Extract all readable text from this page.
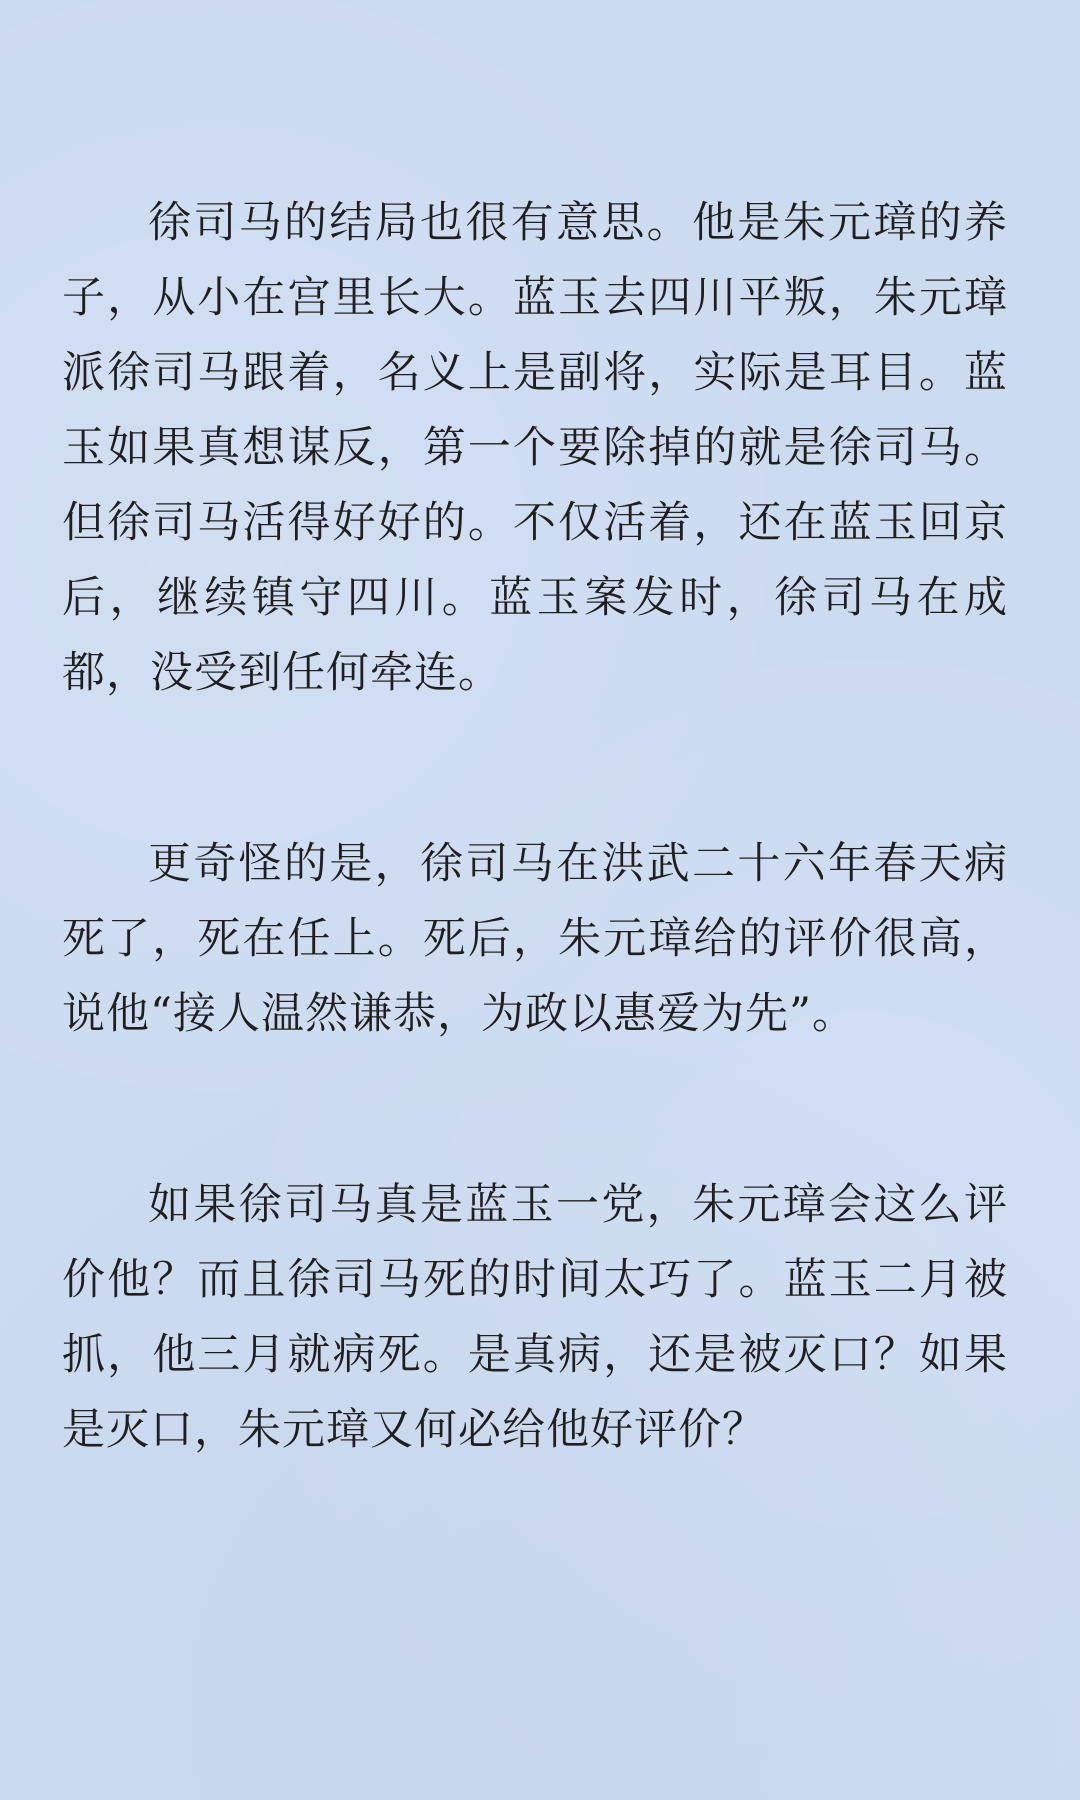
徐司马的结局也很有意思。他是朱元璋的养子，从小在宫里长大。蓝玉去四川平叛，朱元璋派徐司马跟着，名义上是副将，实际是耳目。蓝玉如果真想谋反，第一个要除掉的就是徐司马。但徐司马活得好好的。不仅活着，还在蓝玉回京后，继续镇守四川。蓝玉案发时，徐司马在成都，没受到任何牵连。

更奇怪的是，徐司马在洪武二十六年春天病死了，死在任上。死后，朱元璋给的评价很高，说他“接人温然谦恭，为政以惠爱为先”。

如果徐司马真是蓝玉一党，朱元璋会这么评价他？而且徐司马死的时间太巧了。蓝玉二月被抓，他三月就病死。是真病，还是被灭口？如果是灭口，朱元璋又何必给他好评价？
